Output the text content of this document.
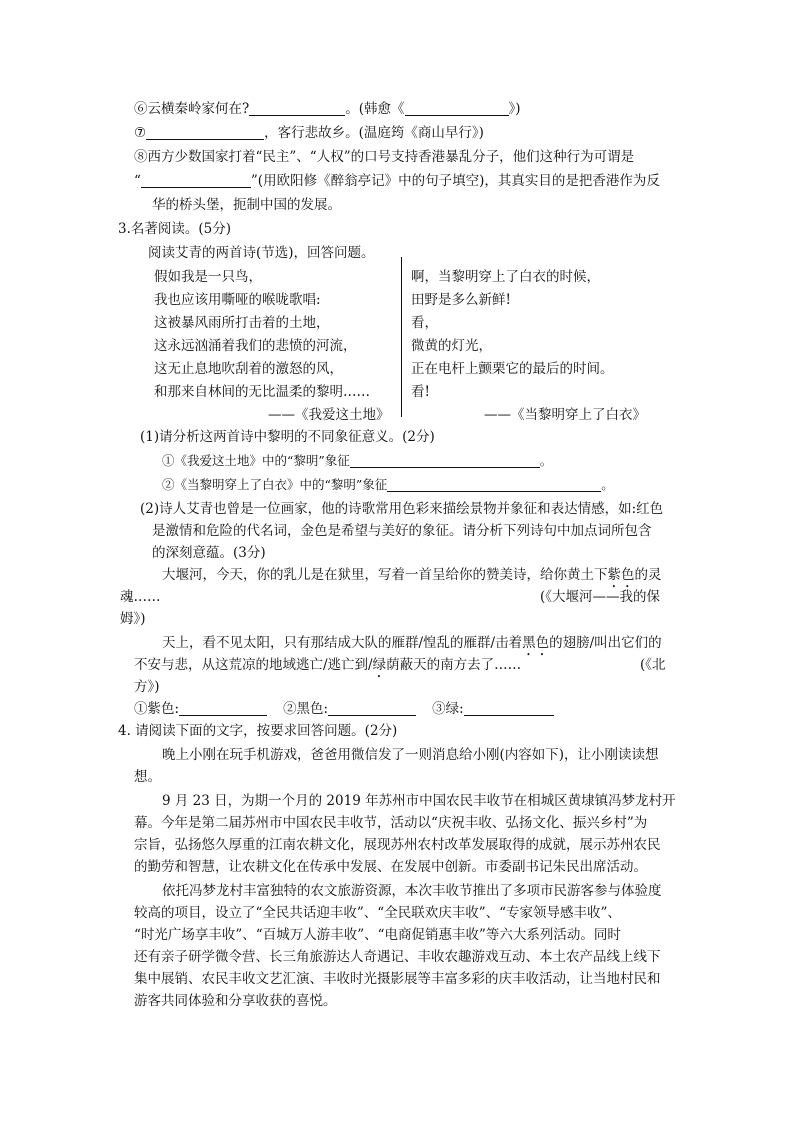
⑥云横秦岭家何在?	。(韩愈《	》)
⑦	，客行悲故乡。(温庭筠《商山早行》)
⑧西方少数国家打着“民主”、“人权”的口号支持香港暴乱分子，他们这种行为可谓是
“	”(用欧阳修《醉翁亭记》中的句子填空)，其真实目的是把香港作为反
华的桥头堡，扼制中国的发展。
3.名著阅读。(5分)
阅读艾青的两首诗(节选)，回答问题。
假如我是一只鸟，
我也应该用嘶哑的喉咙歌唱:
这被暴风雨所打击着的土地，
这永远汹涌着我们的悲愤的河流，
这无止息地吹刮着的激怒的风，
和那来自林间的无比温柔的黎明……
——《我爱这土地》
啊，当黎明穿上了白衣的时候，
田野是多么新鲜!
看，
微黄的灯光，
正在电杆上颤栗它的最后的时间。
看!
——《当黎明穿上了白衣》
(1)请分析这两首诗中黎明的不同象征意义。(2分)
①《我爱这土地》中的“黎明”象征	。
②《当黎明穿上了白衣》中的“黎明”象征	。
(2)诗人艾青也曾是一位画家，他的诗歌常用色彩来描绘景物并象征和表达情感，如:红色
是激情和危险的代名词，金色是希望与美好的象征。请分析下列诗句中加点词所包含
的深刻意蕴。(3分)
大堰河，今天，你的乳儿是在狱里，写着一首呈给你的赞美诗，给你黄土下紫色的灵
魂……	(《大堰河——我的保
姆》)
天上，看不见太阳，只有那结成大队的雁群/惶乱的雁群/击着黑色的翅膀/叫出它们的
不安与悲，从这荒凉的地域逃亡/逃亡到/绿荫蔽天的南方去了……	(《北
方》)
①紫色:	②黑色:	③绿:
4. 请阅读下面的文字，按要求回答问题。(2分)
晚上小刚在玩手机游戏，爸爸用微信发了一则消息给小刚(内容如下)，让小刚读读想
想。
9 月 23 日，为期一个月的 2019 年苏州市中国农民丰收节在相城区黄埭镇冯梦龙村开
幕。今年是第二届苏州市中国农民丰收节，活动以“庆祝丰收、弘扬文化、振兴乡村”为
宗旨，弘扬悠久厚重的江南农耕文化，展现苏州农村改革发展取得的成就，展示苏州农民
的勤劳和智慧，让农耕文化在传承中发展、在发展中创新。市委副书记朱民出席活动。
依托冯梦龙村丰富独特的农文旅游资源，本次丰收节推出了多项市民游客参与体验度
较高的项目，设立了“全民共话迎丰收”、“全民联欢庆丰收”、“专家领导感丰收”、
“时光广场享丰收”、“百城万人游丰收”、“电商促销惠丰收”等六大系列活动。同时
还有亲子研学微令营、长三角旅游达人奇遇记、丰收农趣游戏互动、本土农产品线上线下
集中展销、农民丰收文艺汇演、丰收时光摄影展等丰富多彩的庆丰收活动，让当地村民和
游客共同体验和分享收获的喜悦。
